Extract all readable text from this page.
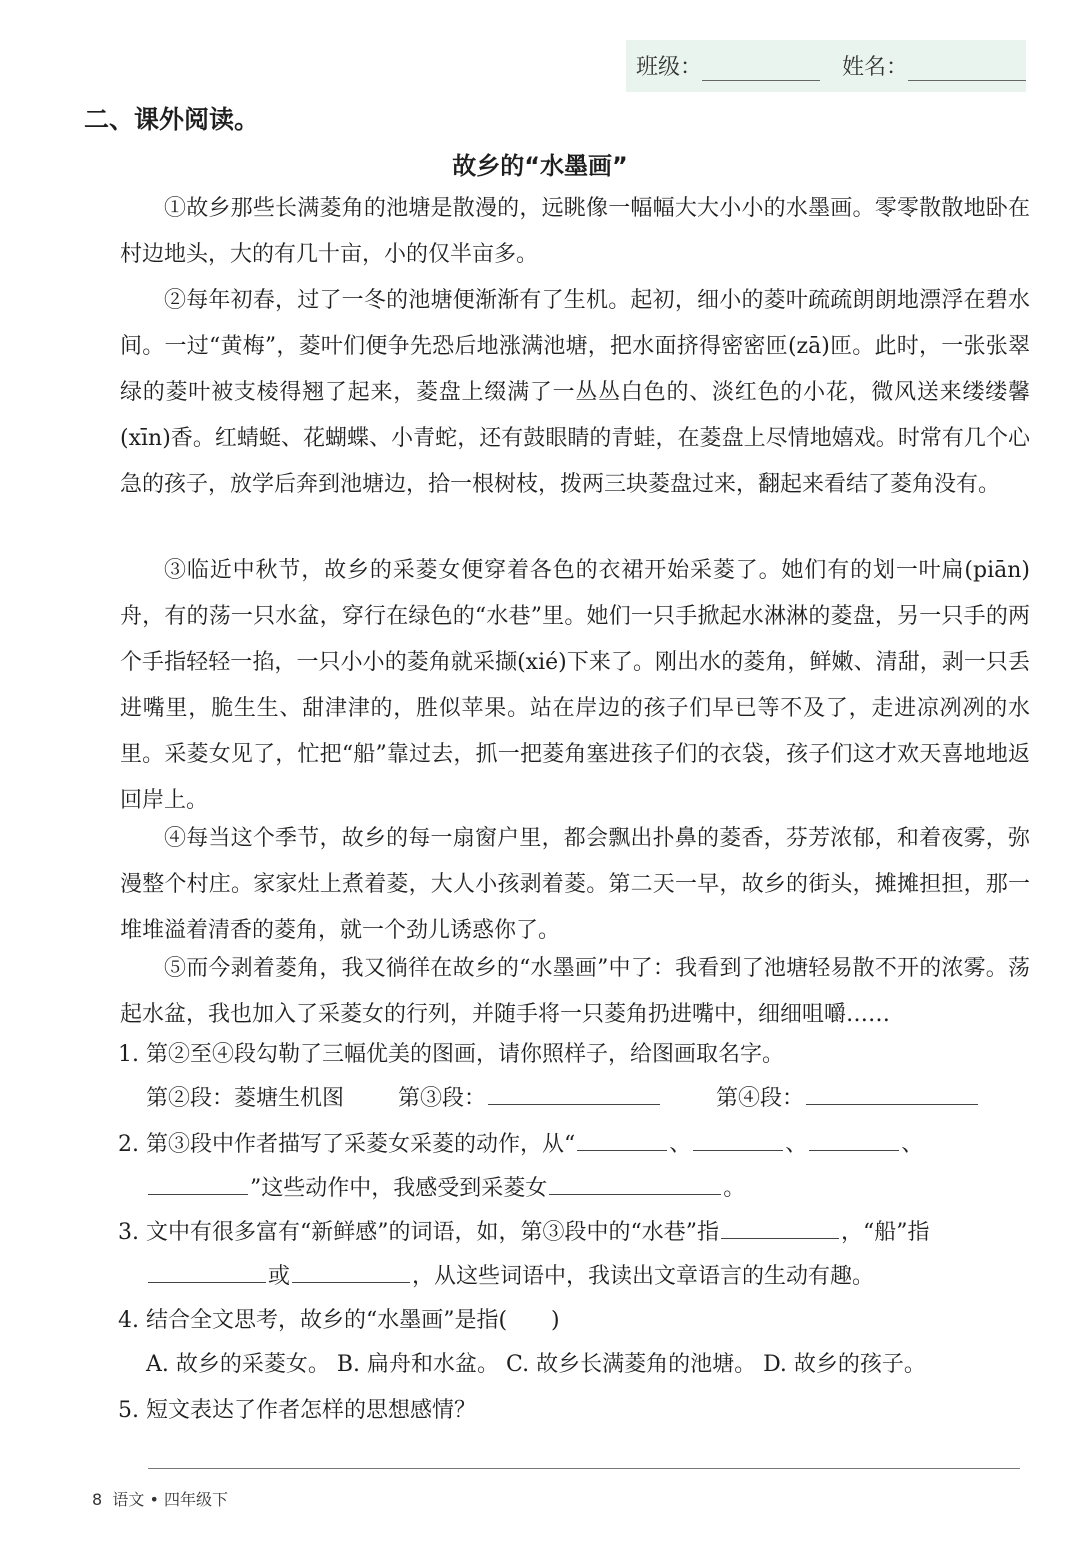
班级：	姓名：
二、课外阅读。
故乡的“水墨画”
①故乡那些长满菱角的池塘是散漫的，远眺像一幅幅大大小小的水墨画。零零散散地卧在村边地头，大的有几十亩，小的仅半亩多。
②每年初春，过了一冬的池塘便渐渐有了生机。起初，细小的菱叶疏疏朗朗地漂浮在碧水间。一过“黄梅”，菱叶们便争先恐后地涨满池塘，把水面挤得密密匝(zā)匝。此时，一张张翠绿的菱叶被支棱得翘了起来，菱盘上缀满了一丛丛白色的、淡红色的小花，微风送来缕缕馨(xīn)香。红蜻蜓、花蝴蝶、小青蛇，还有鼓眼睛的青蛙，在菱盘上尽情地嬉戏。时常有几个心急的孩子，放学后奔到池塘边，拾一根树枝，拨两三块菱盘过来，翻起来看结了菱角没有。
③临近中秋节，故乡的采菱女便穿着各色的衣裙开始采菱了。她们有的划一叶扁(piān)舟，有的荡一只水盆，穿行在绿色的“水巷”里。她们一只手掀起水淋淋的菱盘，另一只手的两个手指轻轻一掐，一只小小的菱角就采撷(xié)下来了。刚出水的菱角，鲜嫩、清甜，剥一只丢进嘴里，脆生生、甜津津的，胜似苹果。站在岸边的孩子们早已等不及了，走进凉冽冽的水里。采菱女见了，忙把“船”靠过去，抓一把菱角塞进孩子们的衣袋，孩子们这才欢天喜地地返回岸上。
④每当这个季节，故乡的每一扇窗户里，都会飘出扑鼻的菱香，芬芳浓郁，和着夜雾，弥漫整个村庄。家家灶上煮着菱，大人小孩剥着菱。第二天一早，故乡的街头，摊摊担担，那一堆堆溢着清香的菱角，就一个劲儿诱惑你了。
⑤而今剥着菱角，我又徜徉在故乡的“水墨画”中了：我看到了池塘轻易散不开的浓雾。荡起水盆，我也加入了采菱女的行列，并随手将一只菱角扔进嘴中，细细咀嚼……
1. 第②至④段勾勒了三幅优美的图画，请你照样子，给图画取名字。
第②段：菱塘生机图 第③段：	第④段：
2. 第③段中作者描写了采菱女采菱的动作，从“	、	、	、
”这些动作中，我感受到采菱女	。
3. 文中有很多富有“新鲜感”的词语，如，第③段中的“水巷”指	，“船”指
或	，从这些词语中，我读出文章语言的生动有趣。
4. 结合全文思考，故乡的“水墨画”是指(　　)
A. 故乡的采菱女。 B. 扁舟和水盆。 C. 故乡长满菱角的池塘。 D. 故乡的孩子。
5. 短文表达了作者怎样的思想感情？
8 语文 • 四年级下
